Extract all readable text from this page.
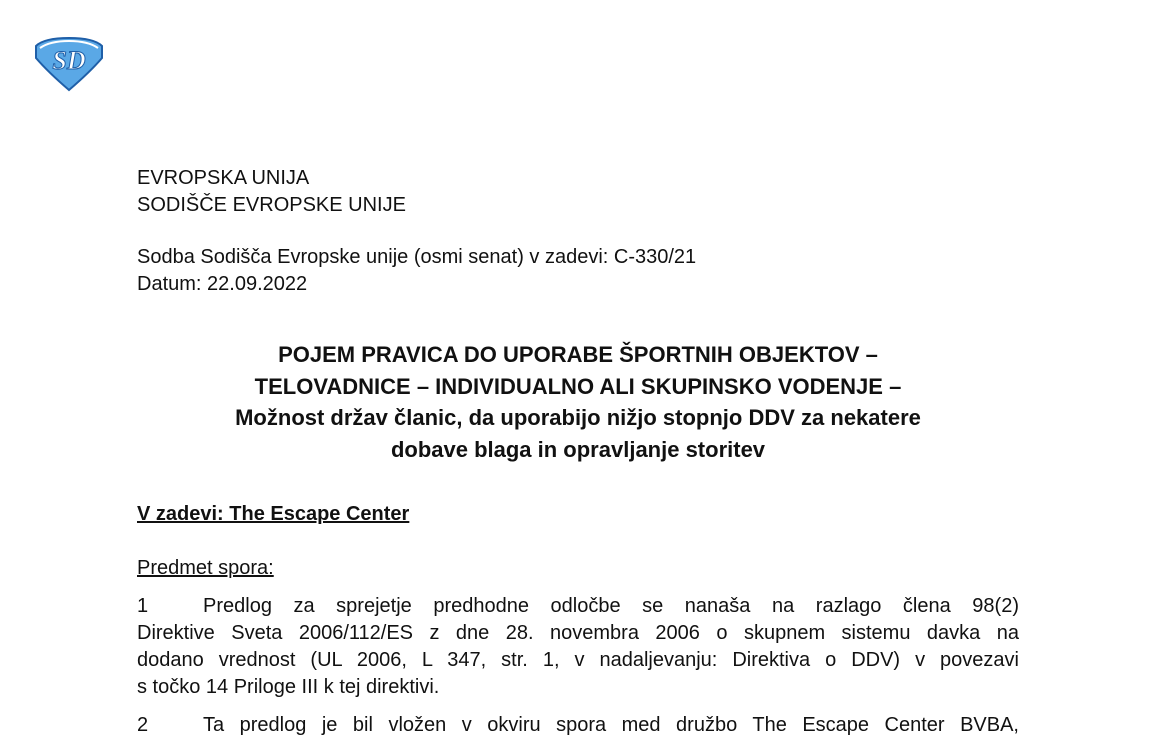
SD
EVROPSKA UNIJA
SODIŠČE EVROPSKE UNIJE
Sodba Sodišča Evropske unije (osmi senat) v zadevi: C-330/21
Datum: 22.09.2022
POJEM PRAVICA DO UPORABE ŠPORTNIH OBJEKTOV –
TELOVADNICE – INDIVIDUALNO ALI SKUPINSKO VODENJE –
Možnost držav članic, da uporabijo nižjo stopnjo DDV za nekatere
dobave blaga in opravljanje storitev
V zadevi: The Escape Center
Predmet spora:
1	Predlog za sprejetje predhodne odločbe se nanaša na razlago člena 98(2)
Direktive Sveta 2006/112/ES z dne 28. novembra 2006 o skupnem sistemu davka na
dodano vrednost (UL 2006, L 347, str. 1, v nadaljevanju: Direktiva o DDV) v povezavi
s točko 14 Priloge III k tej direktivi.
2	Ta predlog je bil vložen v okviru spora med družbo The Escape Center BVBA,
